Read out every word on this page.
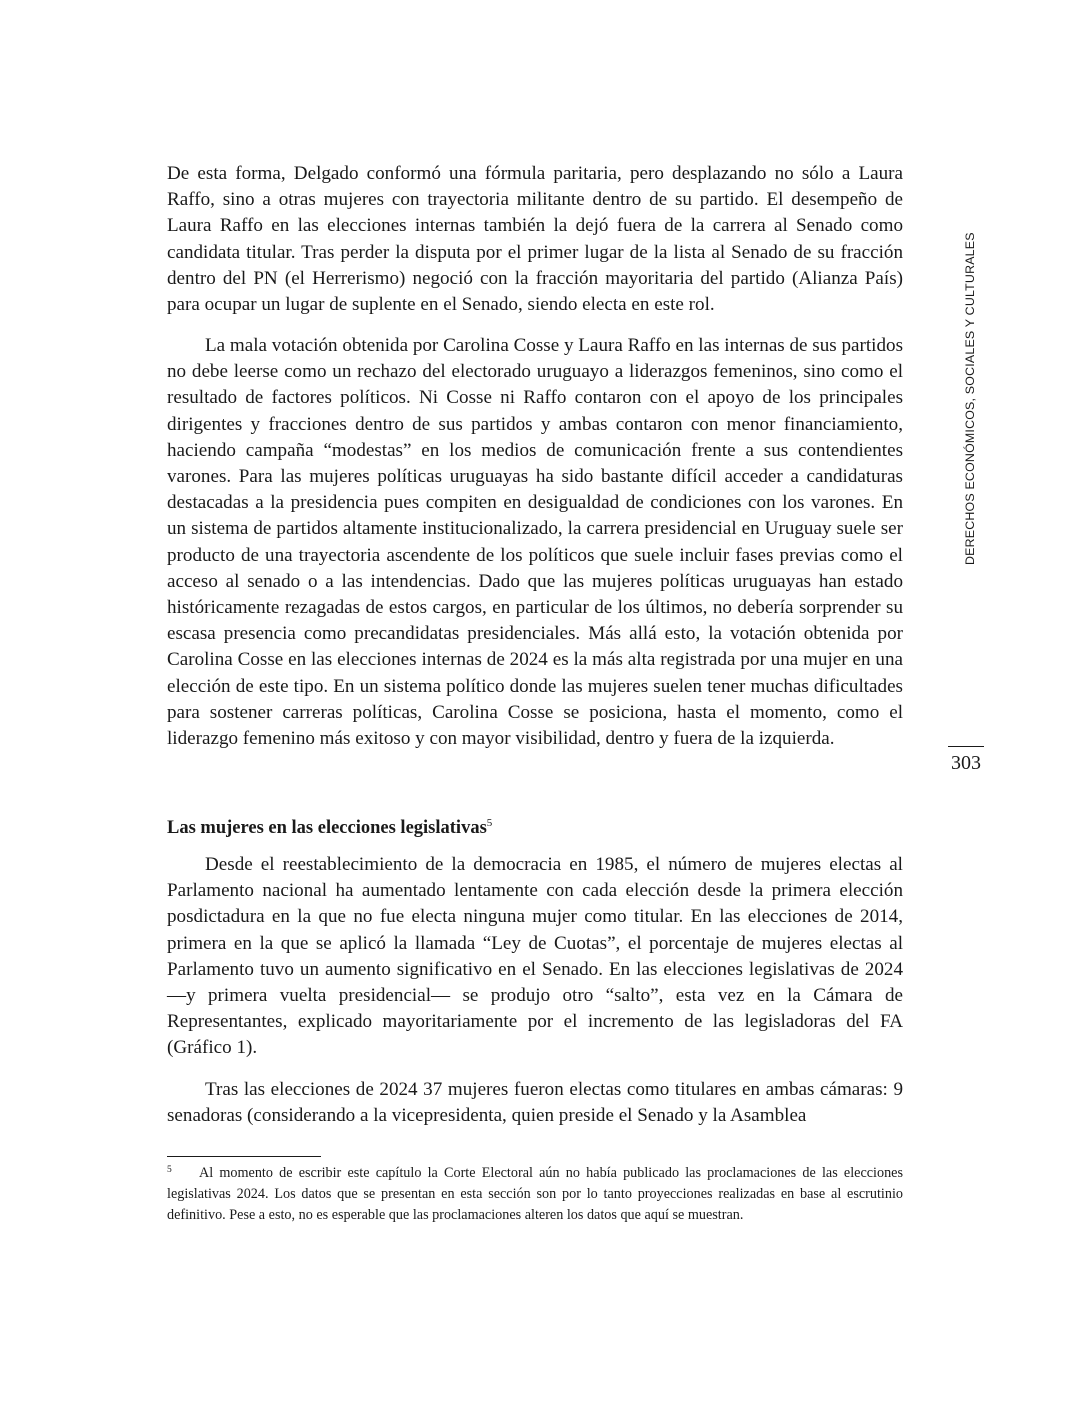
De esta forma, Delgado conformó una fórmula paritaria, pero desplazando no sólo a Laura Raffo, sino a otras mujeres con trayectoria militante dentro de su partido. El desempeño de Laura Raffo en las elecciones internas también la dejó fuera de la carrera al Senado como candidata titular. Tras perder la disputa por el primer lugar de la lista al Senado de su fracción dentro del PN (el Herrerismo) negoció con la fracción mayoritaria del partido (Alianza País) para ocupar un lugar de suplente en el Senado, siendo electa en este rol.

La mala votación obtenida por Carolina Cosse y Laura Raffo en las internas de sus partidos no debe leerse como un rechazo del electorado uruguayo a liderazgos femeninos, sino como el resultado de factores políticos. Ni Cosse ni Raffo contaron con el apoyo de los principales dirigentes y fracciones dentro de sus partidos y ambas contaron con menor financiamiento, haciendo campaña “modestas” en los medios de comunicación frente a sus contendientes varones. Para las mujeres políticas uruguayas ha sido bastante difícil acceder a candidaturas destacadas a la presidencia pues compiten en desigualdad de condiciones con los varones. En un sistema de partidos altamente institucionalizado, la carrera presidencial en Uruguay suele ser producto de una trayectoria ascendente de los políticos que suele incluir fases previas como el acceso al senado o a las intendencias. Dado que las mujeres políticas uruguayas han estado históricamente rezagadas de estos cargos, en particular de los últimos, no debería sorprender su escasa presencia como precandidatas presidenciales. Más allá esto, la votación obtenida por Carolina Cosse en las elecciones internas de 2024 es la más alta registrada por una mujer en una elección de este tipo. En un sistema político donde las mujeres suelen tener muchas dificultades para sostener carreras políticas, Carolina Cosse se posiciona, hasta el momento, como el liderazgo femenino más exitoso y con mayor visibilidad, dentro y fuera de la izquierda.

Las mujeres en las elecciones legislativas$^5$

Desde el reestablecimiento de la democracia en 1985, el número de mujeres electas al Parlamento nacional ha aumentado lentamente con cada elección desde la primera elección posdictadura en la que no fue electa ninguna mujer como titular. En las elecciones de 2014, primera en la que se aplicó la llamada “Ley de Cuotas”, el porcentaje de mujeres electas al Parlamento tuvo un aumento significativo en el Senado. En las elecciones legislativas de 2024 —y primera vuelta presidencial— se produjo otro “salto”, esta vez en la Cámara de Representantes, explicado mayoritariamente por el incremento de las legisladoras del FA (Gráfico 1).

Tras las elecciones de 2024 37 mujeres fueron electas como titulares en ambas cámaras: 9 senadoras (considerando a la vicepresidenta, quien preside el Senado y la Asamblea

5 Al momento de escribir este capítulo la Corte Electoral aún no había publicado las proclamaciones de las elecciones legislativas 2024. Los datos que se presentan en esta sección son por lo tanto proyecciones realizadas en base al escrutinio definitivo. Pese a esto, no es esperable que las proclamaciones alteren los datos que aquí se muestran.

DERECHOS ECONÓMICOS, SOCIALES Y CULTURALES
303
